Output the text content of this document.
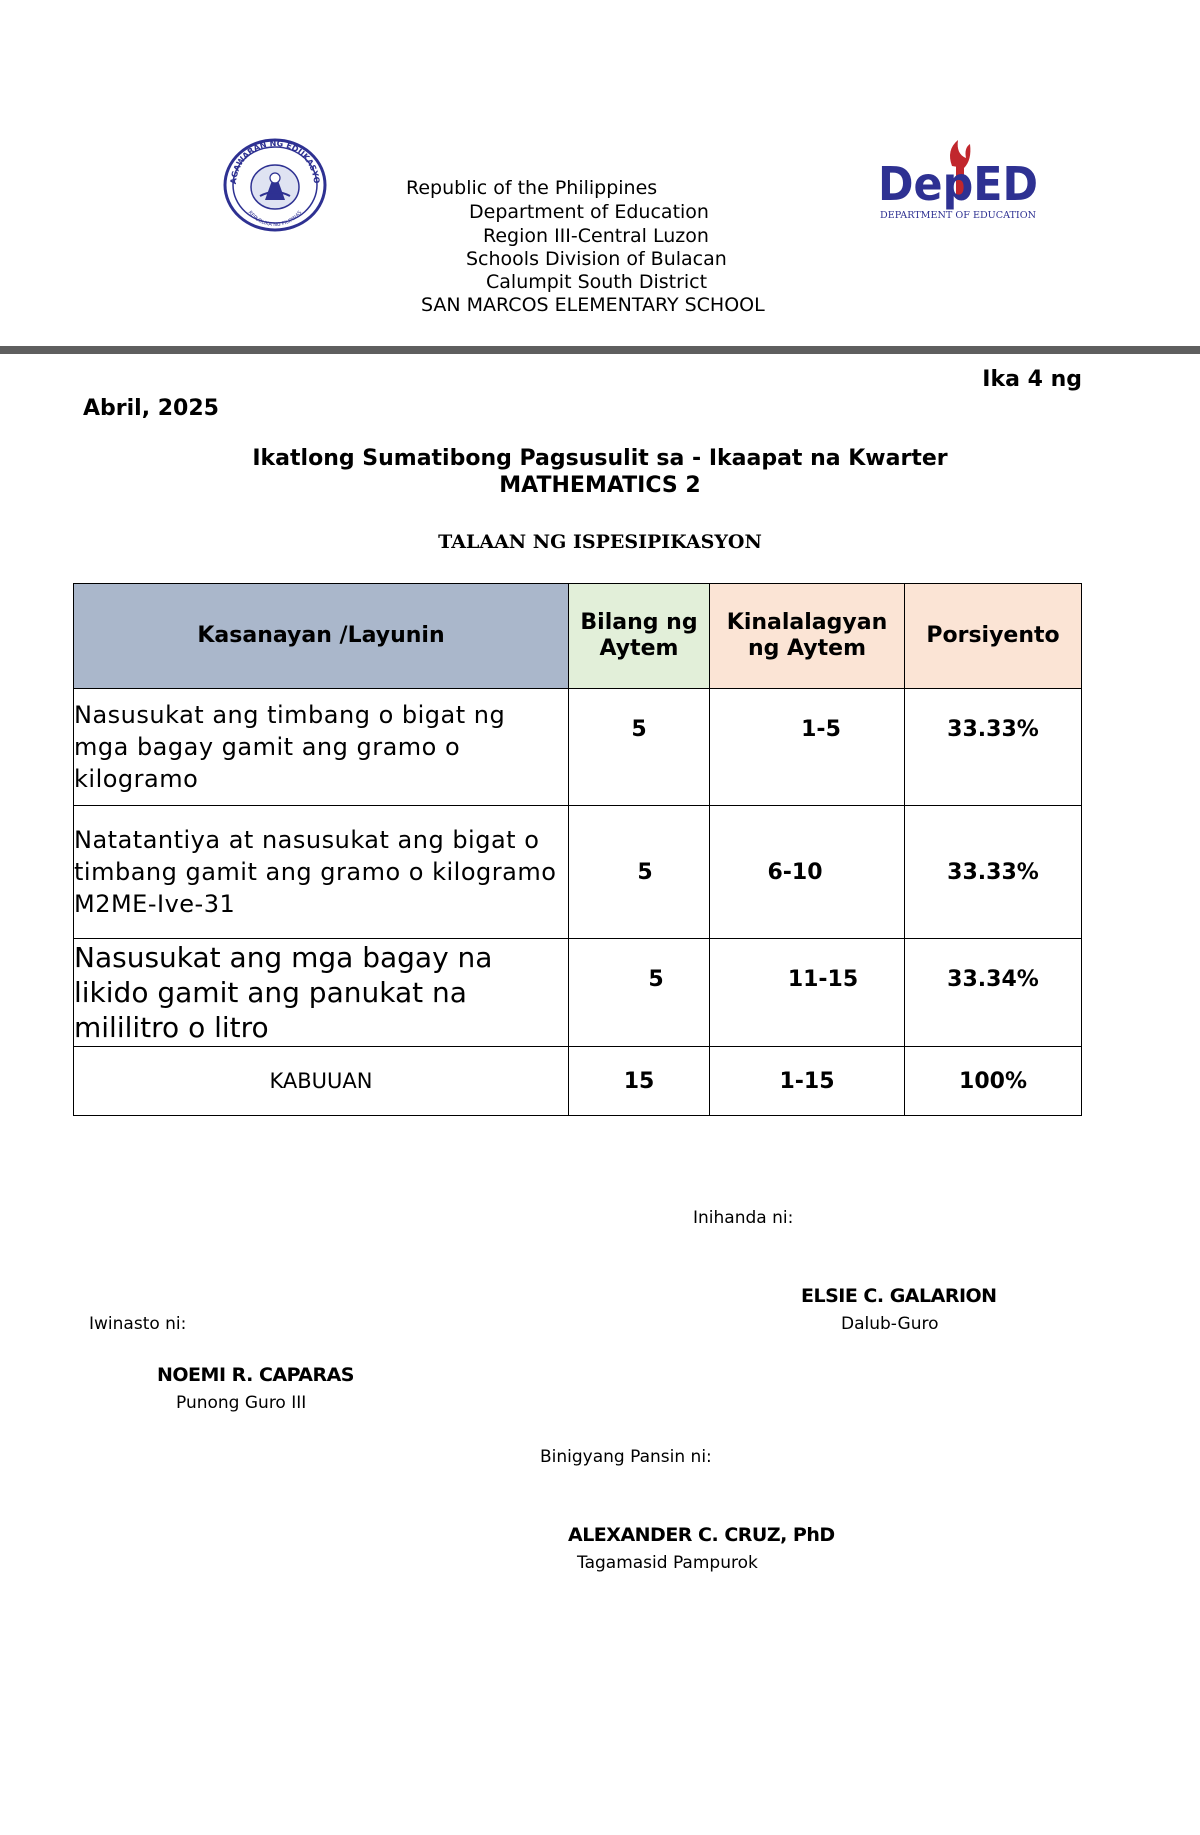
AGAWARAN NG EDUKASYO
REPUBLIKA NG PILIPINAS
DepED
DEPARTMENT OF EDUCATION
Republic of the Philippines
Department of Education
Region III-Central Luzon
Schools Division of Bulacan
Calumpit South District
SAN MARCOS ELEMENTARY SCHOOL
Ika 4 ng
Abril, 2025
Ikatlong Sumatibong Pagsusulit sa - Ikaapat na Kwarter
MATHEMATICS 2
TALAAN NG ISPESIPIKASYON
Kasanayan /Layunin	Bilang ng Aytem	Kinalalagyan ng Aytem	Porsiyento
Nasusukat ang timbang o bigat ng mga bagay gamit ang gramo o kilogramo	5	1-5	33.33%
Natatantiya at nasusukat ang bigat o timbang gamit ang gramo o kilogramo M2ME-Ive-31	5	6-10	33.33%
Nasusukat ang mga bagay na likido gamit ang panukat na mililitro o litro	5	11-15	33.34%
KABUUAN	15	1-15	100%
Inihanda ni:
ELSIE C. GALARION
Dalub-Guro
Iwinasto ni:
NOEMI R. CAPARAS
Punong Guro III
Binigyang Pansin ni:
ALEXANDER C. CRUZ, PhD
Tagamasid Pampurok
